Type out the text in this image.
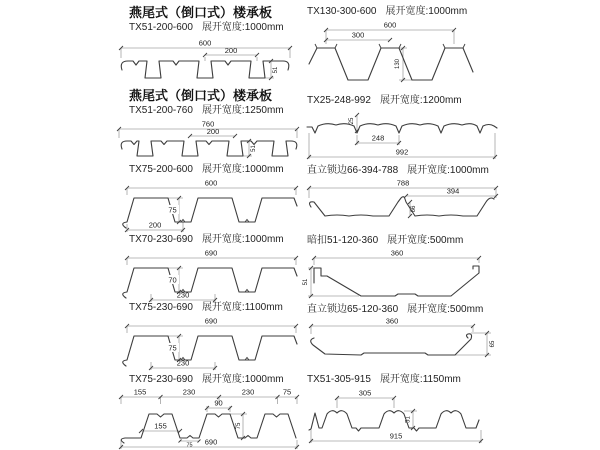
燕尾式（倒口式）楼承板
TX51-200-600 展开宽度:1000mm
600
200
51
TX130-300-600 展开宽度:1000mm
600
300
130
燕尾式（倒口式）楼承板
TX51-200-760 展开宽度:1250mm
760
200
51
TX25-248-992 展开宽度:1200mm
25
248
992
TX75-200-600 展开宽度:1000mm
600
200
75
直立锁边66-394-788 展开宽度:1000mm
788
394
66
TX70-230-690 展开宽度:1000mm
690
230
70
暗扣51-120-360 展开宽度:500mm
360
51
TX75-230-690 展开宽度:1100mm
690
230
75
直立锁边65-120-360 展开宽度:500mm
360
65
TX75-230-690 展开宽度:1000mm
155	230	230	75
90
155
75
75
690
TX51-305-915 展开宽度:1150mm
305
51
915
